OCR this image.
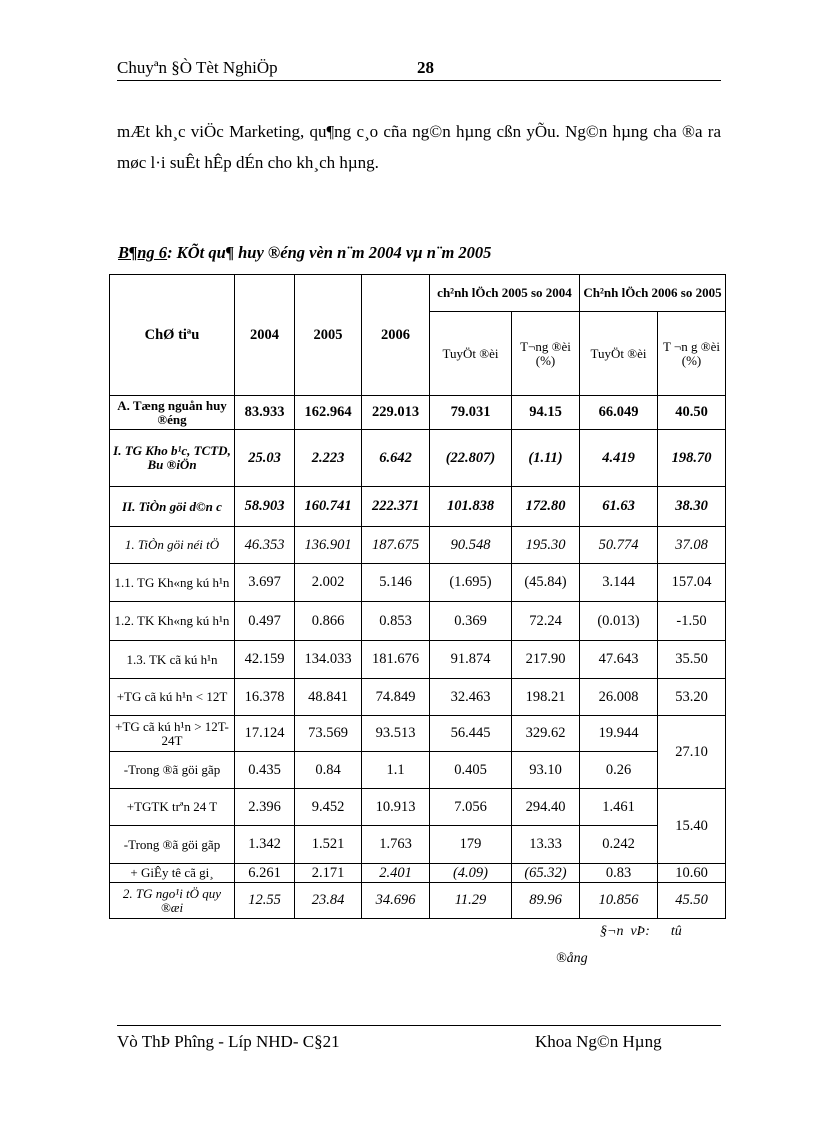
Chuyªn §Ò Tèt NghiÖp	28
mÆt kh¸c viÖc Marketing, qu¶ng c¸o cña ng©n hµng cßn yÕu. Ng©n hµng cha ®a ra møc l·i suÊt hÊp dÉn cho kh¸ch hµng.
B¶ng 6: KÕt qu¶ huy ®éng vèn n¨m 2004 vµ n¨m 2005
ChØ tiªu	2004	2005	2006	ch²nh lÖch 2005 so 2004		Ch²nh lÖch 2006 so 2005	
				TuyÖt ®èi	T¬ng ®èi (%)	TuyÖt ®èi	T ¬n g ®èi (%)
A. Tæng nguån huy ®éng	83.933	162.964	229.013	79.031	94.15	66.049	40.50
I. TG Kho b¹c, TCTD, Bu ®iÖn	25.03	2.223	6.642	(22.807)	(1.11)	4.419	198.70
II. TiÒn göi d©n c	58.903	160.741	222.371	101.838	172.80	61.63	38.30
1. TiÒn göi néi tÖ	46.353	136.901	187.675	90.548	195.30	50.774	37.08
1.1. TG Kh«ng kú h¹n	3.697	2.002	5.146	(1.695)	(45.84)	3.144	157.04
1.2. TK Kh«ng kú h¹n	0.497	0.866	0.853	0.369	72.24	(0.013)	-1.50
1.3. TK cã kú h¹n	42.159	134.033	181.676	91.874	217.90	47.643	35.50
+TG cã kú h¹n < 12T	16.378	48.841	74.849	32.463	198.21	26.008	53.20
+TG cã kú h¹n > 12T-24T	17.124	73.569	93.513	56.445	329.62	19.944	27.10
-Trong ®ã göi gãp	0.435	0.84	1.1	0.405	93.10	0.26	
+TGTK trªn 24 T	2.396	9.452	10.913	7.056	294.40	1.461	15.40
-Trong ®ã göi gãp	1.342	1.521	1.763	179	13.33	0.242	
+ GiÊy tê cã gi¸	6.261	2.171	2.401	(4.09)	(65.32)	0.83	10.60
2. TG ngo¹i tÖ quy ®æi	12.55	23.84	34.696	11.29	89.96	10.856	45.50
§¬n  vÞ:      tû
®ång
Vò ThÞ Phîng - Líp NHD- C§21	Khoa Ng©n Hµng
